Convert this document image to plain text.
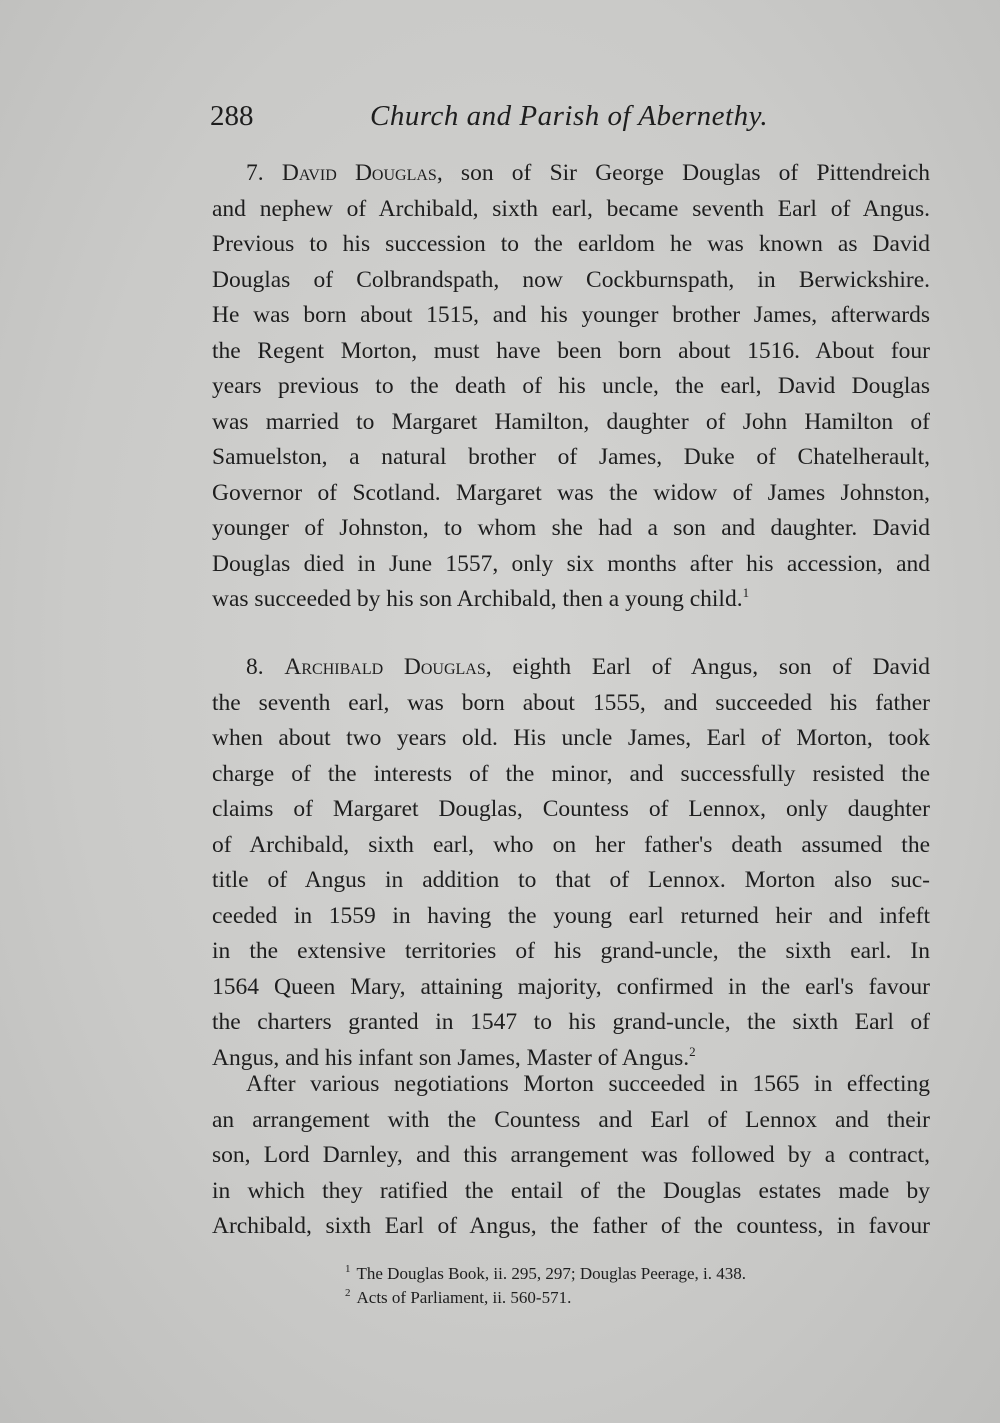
288	Church and Parish of Abernethy.
7. David Douglas, son of Sir George Douglas of Pittendreich
and nephew of Archibald, sixth earl, became seventh Earl of Angus.
Previous to his succession to the earldom he was known as David
Douglas of Colbrandspath, now Cockburnspath, in Berwickshire.
He was born about 1515, and his younger brother James, afterwards
the Regent Morton, must have been born about 1516. About four
years previous to the death of his uncle, the earl, David Douglas
was married to Margaret Hamilton, daughter of John Hamilton of
Samuelston, a natural brother of James, Duke of Chatelherault,
Governor of Scotland. Margaret was the widow of James Johnston,
younger of Johnston, to whom she had a son and daughter. David
Douglas died in June 1557, only six months after his accession, and
was succeeded by his son Archibald, then a young child.$^1$
8. Archibald Douglas, eighth Earl of Angus, son of David
the seventh earl, was born about 1555, and succeeded his father
when about two years old. His uncle James, Earl of Morton, took
charge of the interests of the minor, and successfully resisted the
claims of Margaret Douglas, Countess of Lennox, only daughter
of Archibald, sixth earl, who on her father's death assumed the
title of Angus in addition to that of Lennox. Morton also suc-
ceeded in 1559 in having the young earl returned heir and infeft
in the extensive territories of his grand-uncle, the sixth earl. In
1564 Queen Mary, attaining majority, confirmed in the earl's favour
the charters granted in 1547 to his grand-uncle, the sixth Earl of
Angus, and his infant son James, Master of Angus.$^2$
After various negotiations Morton succeeded in 1565 in effecting
an arrangement with the Countess and Earl of Lennox and their
son, Lord Darnley, and this arrangement was followed by a contract,
in which they ratified the entail of the Douglas estates made by
Archibald, sixth Earl of Angus, the father of the countess, in favour
$^1$ The Douglas Book, ii. 295, 297; Douglas Peerage, i. 438.
$^2$ Acts of Parliament, ii. 560-571.
